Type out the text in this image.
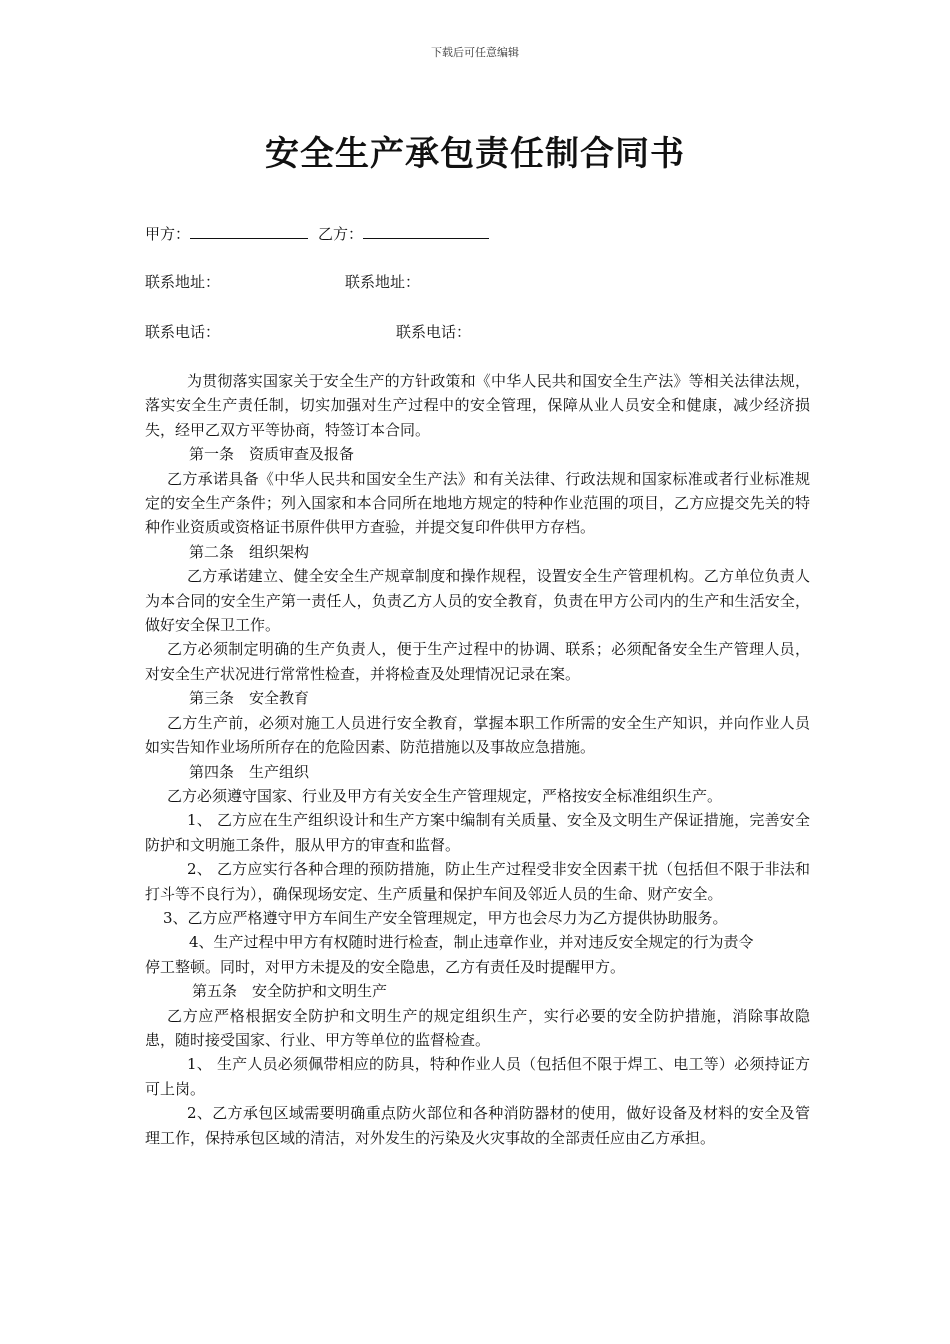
下载后可任意编辑
安全生产承包责任制合同书
甲方：	乙方：
联系地址：	联系地址：
联系电话：	联系电话：

为贯彻落实国家关于安全生产的方针政策和《中华人民共和国安全生产法》等相关法律法规，落实安全生产责任制，切实加强对生产过程中的安全管理，保障从业人员安全和健康，减少经济损失，经甲乙双方平等协商，特签订本合同。

第一条　资质审查及报备

乙方承诺具备《中华人民共和国安全生产法》和有关法律、行政法规和国家标准或者行业标准规定的安全生产条件；列入国家和本合同所在地地方规定的特种作业范围的项目，乙方应提交先关的特种作业资质或资格证书原件供甲方查验，并提交复印件供甲方存档。

第二条　组织架构

乙方承诺建立、健全安全生产规章制度和操作规程，设置安全生产管理机构。乙方单位负责人为本合同的安全生产第一责任人，负责乙方人员的安全教育，负责在甲方公司内的生产和生活安全，做好安全保卫工作。

乙方必须制定明确的生产负责人，便于生产过程中的协调、联系；必须配备安全生产管理人员，对安全生产状况进行常常性检查，并将检查及处理情况记录在案。

第三条　安全教育

乙方生产前，必须对施工人员进行安全教育，掌握本职工作所需的安全生产知识，并向作业人员如实告知作业场所所存在的危险因素、防范措施以及事故应急措施。

第四条　生产组织

乙方必须遵守国家、行业及甲方有关安全生产管理规定，严格按安全标准组织生产。

1、 乙方应在生产组织设计和生产方案中编制有关质量、安全及文明生产保证措施，完善安全防护和文明施工条件，服从甲方的审查和监督。

2、 乙方应实行各种合理的预防措施，防止生产过程受非安全因素干扰（包括但不限于非法和打斗等不良行为），确保现场安定、生产质量和保护车间及邻近人员的生命、财产安全。

3、乙方应严格遵守甲方车间生产安全管理规定，甲方也会尽力为乙方提供协助服务。

4、生产过程中甲方有权随时进行检查，制止违章作业，并对违反安全规定的行为责令

停工整顿。同时，对甲方未提及的安全隐患，乙方有责任及时提醒甲方。

第五条　安全防护和文明生产

乙方应严格根据安全防护和文明生产的规定组织生产，实行必要的安全防护措施，消除事故隐患，随时接受国家、行业、甲方等单位的监督检查。

1、 生产人员必须佩带相应的防具，特种作业人员（包括但不限于焊工、电工等）必须持证方可上岗。

2、乙方承包区域需要明确重点防火部位和各种消防器材的使用，做好设备及材料的安全及管理工作，保持承包区域的清洁，对外发生的污染及火灾事故的全部责任应由乙方承担。
